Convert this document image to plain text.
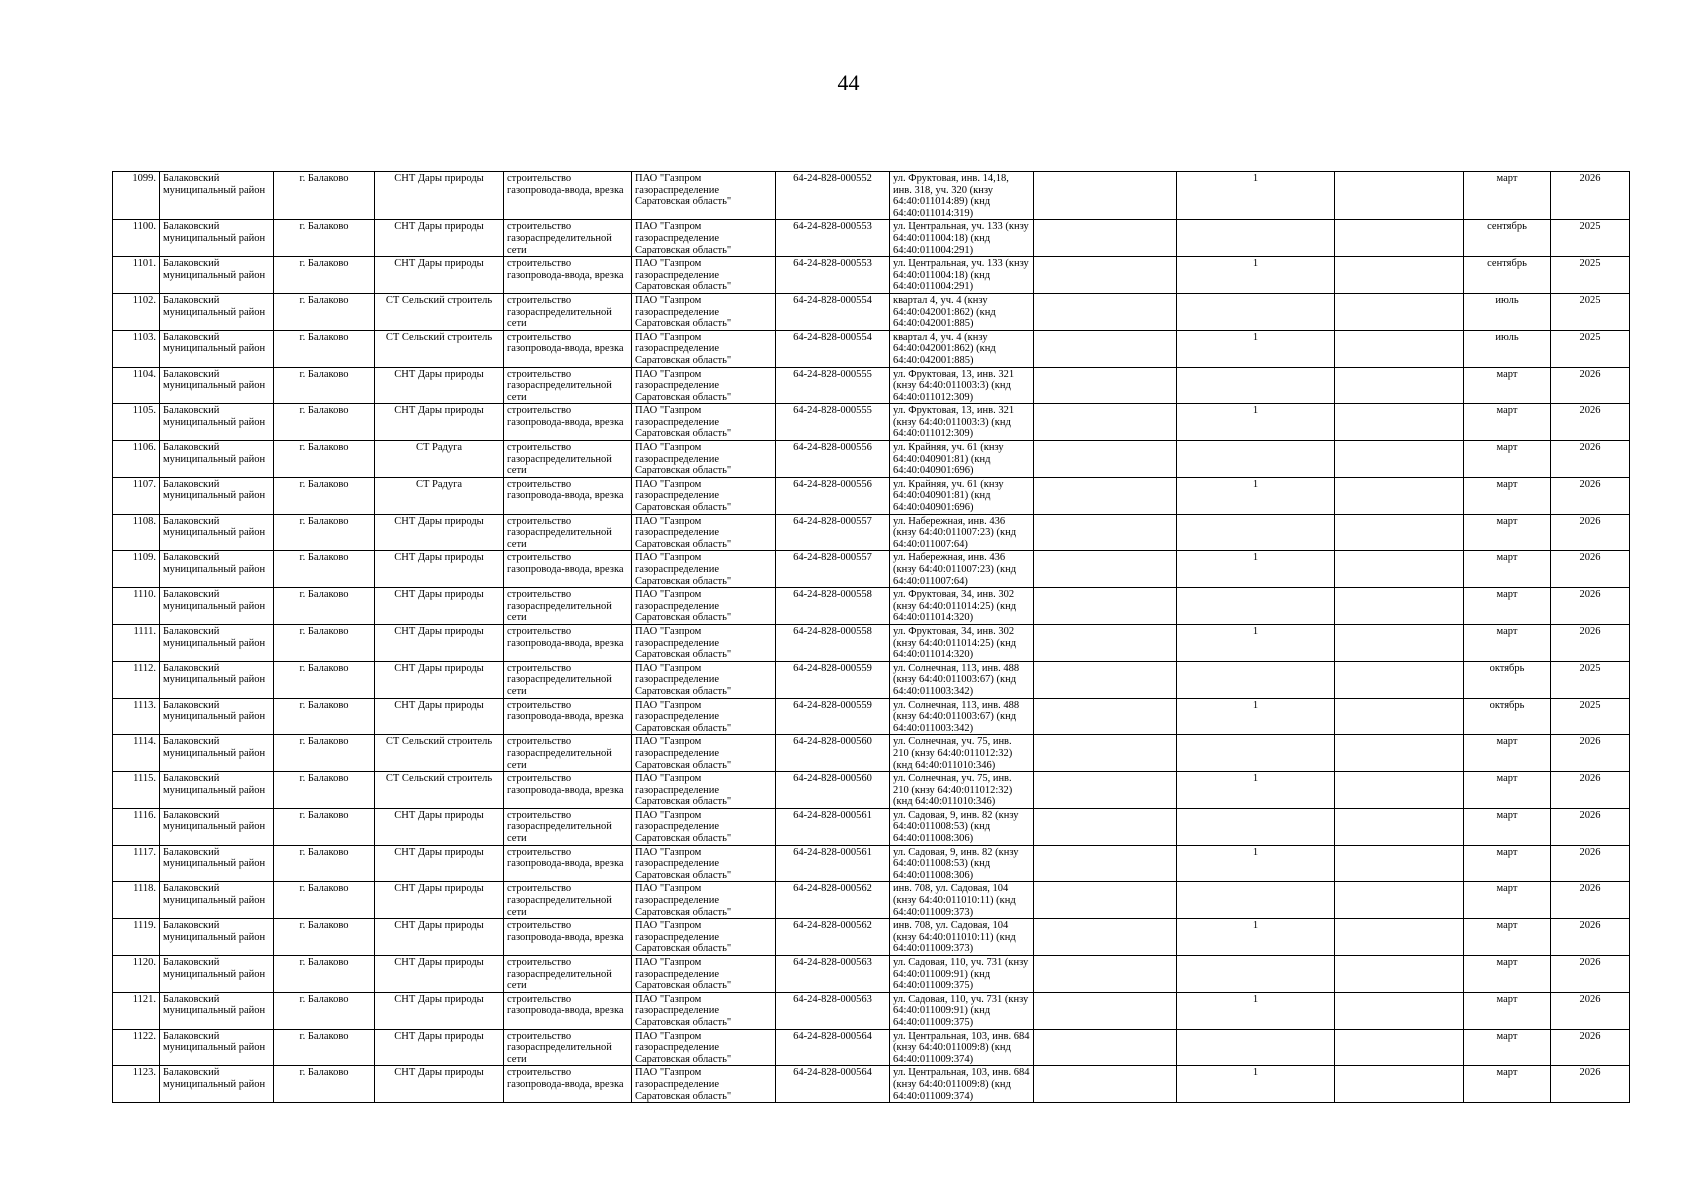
44
1099.	Балаковский муниципальный район	г. Балаково	СНТ Дары природы	строительство газопровода-ввода, врезка	ПАО "Газпром газораспределение Саратовская область"	64-24-828-000552	ул. Фруктовая, инв. 14,18, инв. 318, уч. 320 (кнзу 64:40:011014:89) (кнд 64:40:011014:319)		1		март	2026
1100.	Балаковский муниципальный район	г. Балаково	СНТ Дары природы	строительство газораспределительной сети	ПАО "Газпром газораспределение Саратовская область"	64-24-828-000553	ул. Центральная, уч. 133 (кнзу 64:40:011004:18) (кнд 64:40:011004:291)				сентябрь	2025
1101.	Балаковский муниципальный район	г. Балаково	СНТ Дары природы	строительство газопровода-ввода, врезка	ПАО "Газпром газораспределение Саратовская область"	64-24-828-000553	ул. Центральная, уч. 133 (кнзу 64:40:011004:18) (кнд 64:40:011004:291)		1		сентябрь	2025
1102.	Балаковский муниципальный район	г. Балаково	СТ Сельский строитель	строительство газораспределительной сети	ПАО "Газпром газораспределение Саратовская область"	64-24-828-000554	квартал 4, уч. 4 (кнзу 64:40:042001:862) (кнд 64:40:042001:885)				июль	2025
1103.	Балаковский муниципальный район	г. Балаково	СТ Сельский строитель	строительство газопровода-ввода, врезка	ПАО "Газпром газораспределение Саратовская область"	64-24-828-000554	квартал 4, уч. 4 (кнзу 64:40:042001:862) (кнд 64:40:042001:885)		1		июль	2025
1104.	Балаковский муниципальный район	г. Балаково	СНТ Дары природы	строительство газораспределительной сети	ПАО "Газпром газораспределение Саратовская область"	64-24-828-000555	ул. Фруктовая, 13, инв. 321 (кнзу 64:40:011003:3) (кнд 64:40:011012:309)				март	2026
1105.	Балаковский муниципальный район	г. Балаково	СНТ Дары природы	строительство газопровода-ввода, врезка	ПАО "Газпром газораспределение Саратовская область"	64-24-828-000555	ул. Фруктовая, 13, инв. 321 (кнзу 64:40:011003:3) (кнд 64:40:011012:309)		1		март	2026
1106.	Балаковский муниципальный район	г. Балаково	СТ Радуга	строительство газораспределительной сети	ПАО "Газпром газораспределение Саратовская область"	64-24-828-000556	ул. Крайняя, уч. 61 (кнзу 64:40:040901:81) (кнд 64:40:040901:696)				март	2026
1107.	Балаковский муниципальный район	г. Балаково	СТ Радуга	строительство газопровода-ввода, врезка	ПАО "Газпром газораспределение Саратовская область"	64-24-828-000556	ул. Крайняя, уч. 61 (кнзу 64:40:040901:81) (кнд 64:40:040901:696)		1		март	2026
1108.	Балаковский муниципальный район	г. Балаково	СНТ Дары природы	строительство газораспределительной сети	ПАО "Газпром газораспределение Саратовская область"	64-24-828-000557	ул. Набережная, инв. 436 (кнзу 64:40:011007:23) (кнд 64:40:011007:64)				март	2026
1109.	Балаковский муниципальный район	г. Балаково	СНТ Дары природы	строительство газопровода-ввода, врезка	ПАО "Газпром газораспределение Саратовская область"	64-24-828-000557	ул. Набережная, инв. 436 (кнзу 64:40:011007:23) (кнд 64:40:011007:64)		1		март	2026
1110.	Балаковский муниципальный район	г. Балаково	СНТ Дары природы	строительство газораспределительной сети	ПАО "Газпром газораспределение Саратовская область"	64-24-828-000558	ул. Фруктовая, 34, инв. 302 (кнзу 64:40:011014:25) (кнд 64:40:011014:320)				март	2026
1111.	Балаковский муниципальный район	г. Балаково	СНТ Дары природы	строительство газопровода-ввода, врезка	ПАО "Газпром газораспределение Саратовская область"	64-24-828-000558	ул. Фруктовая, 34, инв. 302 (кнзу 64:40:011014:25) (кнд 64:40:011014:320)		1		март	2026
1112.	Балаковский муниципальный район	г. Балаково	СНТ Дары природы	строительство газораспределительной сети	ПАО "Газпром газораспределение Саратовская область"	64-24-828-000559	ул. Солнечная, 113, инв. 488 (кнзу 64:40:011003:67) (кнд 64:40:011003:342)				октябрь	2025
1113.	Балаковский муниципальный район	г. Балаково	СНТ Дары природы	строительство газопровода-ввода, врезка	ПАО "Газпром газораспределение Саратовская область"	64-24-828-000559	ул. Солнечная, 113, инв. 488 (кнзу 64:40:011003:67) (кнд 64:40:011003:342)		1		октябрь	2025
1114.	Балаковский муниципальный район	г. Балаково	СТ Сельский строитель	строительство газораспределительной сети	ПАО "Газпром газораспределение Саратовская область"	64-24-828-000560	ул. Солнечная, уч. 75, инв. 210 (кнзу 64:40:011012:32) (кнд 64:40:011010:346)				март	2026
1115.	Балаковский муниципальный район	г. Балаково	СТ Сельский строитель	строительство газопровода-ввода, врезка	ПАО "Газпром газораспределение Саратовская область"	64-24-828-000560	ул. Солнечная, уч. 75, инв. 210 (кнзу 64:40:011012:32) (кнд 64:40:011010:346)		1		март	2026
1116.	Балаковский муниципальный район	г. Балаково	СНТ Дары природы	строительство газораспределительной сети	ПАО "Газпром газораспределение Саратовская область"	64-24-828-000561	ул. Садовая, 9, инв. 82 (кнзу 64:40:011008:53) (кнд 64:40:011008:306)				март	2026
1117.	Балаковский муниципальный район	г. Балаково	СНТ Дары природы	строительство газопровода-ввода, врезка	ПАО "Газпром газораспределение Саратовская область"	64-24-828-000561	ул. Садовая, 9, инв. 82 (кнзу 64:40:011008:53) (кнд 64:40:011008:306)		1		март	2026
1118.	Балаковский муниципальный район	г. Балаково	СНТ Дары природы	строительство газораспределительной сети	ПАО "Газпром газораспределение Саратовская область"	64-24-828-000562	инв. 708, ул. Садовая, 104 (кнзу 64:40:011010:11) (кнд 64:40:011009:373)				март	2026
1119.	Балаковский муниципальный район	г. Балаково	СНТ Дары природы	строительство газопровода-ввода, врезка	ПАО "Газпром газораспределение Саратовская область"	64-24-828-000562	инв. 708, ул. Садовая, 104 (кнзу 64:40:011010:11) (кнд 64:40:011009:373)		1		март	2026
1120.	Балаковский муниципальный район	г. Балаково	СНТ Дары природы	строительство газораспределительной сети	ПАО "Газпром газораспределение Саратовская область"	64-24-828-000563	ул. Садовая, 110, уч. 731 (кнзу 64:40:011009:91) (кнд 64:40:011009:375)				март	2026
1121.	Балаковский муниципальный район	г. Балаково	СНТ Дары природы	строительство газопровода-ввода, врезка	ПАО "Газпром газораспределение Саратовская область"	64-24-828-000563	ул. Садовая, 110, уч. 731 (кнзу 64:40:011009:91) (кнд 64:40:011009:375)		1		март	2026
1122.	Балаковский муниципальный район	г. Балаково	СНТ Дары природы	строительство газораспределительной сети	ПАО "Газпром газораспределение Саратовская область"	64-24-828-000564	ул. Центральная, 103, инв. 684 (кнзу 64:40:011009:8) (кнд 64:40:011009:374)				март	2026
1123.	Балаковский муниципальный район	г. Балаково	СНТ Дары природы	строительство газопровода-ввода, врезка	ПАО "Газпром газораспределение Саратовская область"	64-24-828-000564	ул. Центральная, 103, инв. 684 (кнзу 64:40:011009:8) (кнд 64:40:011009:374)		1		март	2026
